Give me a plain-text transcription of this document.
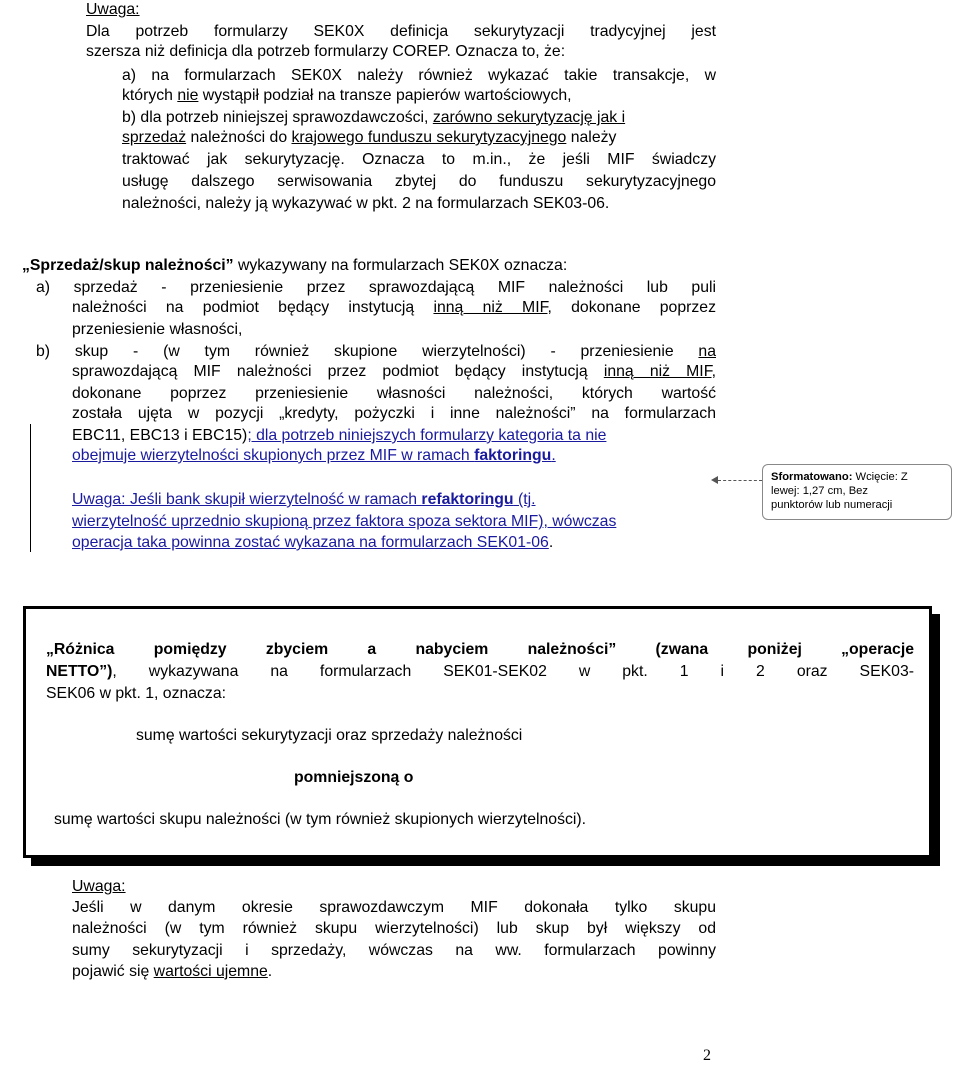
Uwaga:
Dla potrzeb formularzy SEK0X definicja sekurytyzacji tradycyjnej jest
szersza niż definicja dla potrzeb formularzy COREP. Oznacza to, że:
a) na formularzach SEK0X należy również wykazać takie transakcje, w
których nie wystąpił podział na transze papierów wartościowych,
b) dla potrzeb niniejszej sprawozdawczości, zarówno sekurytyzację jak i
sprzedaż należności do krajowego funduszu sekurytyzacyjnego należy
traktować jak sekurytyzację. Oznacza to m.in., że jeśli MIF świadczy
usługę dalszego serwisowania zbytej do funduszu sekurytyzacyjnego
należności, należy ją wykazywać w pkt. 2 na formularzach SEK03-06.
„Sprzedaż/skup należności” wykazywany na formularzach SEK0X oznacza:
a) sprzedaż - przeniesienie przez sprawozdającą MIF należności lub puli
należności na podmiot będący instytucją inną niż MIF, dokonane poprzez
przeniesienie własności,
b) skup - (w tym również skupione wierzytelności) - przeniesienie na
sprawozdającą MIF należności przez podmiot będący instytucją inną niż MIF,
dokonane poprzez przeniesienie własności należności, których wartość
została ujęta w pozycji „kredyty, pożyczki i inne należności” na formularzach
EBC11, EBC13 i EBC15); dla potrzeb niniejszych formularzy kategoria ta nie
obejmuje wierzytelności skupionych przez MIF w ramach faktoringu.
Uwaga: Jeśli bank skupił wierzytelność w ramach refaktoringu (tj.
wierzytelność uprzednio skupioną przez faktora spoza sektora MIF), wówczas
operacja taka powinna zostać wykazana na formularzach SEK01-06.
Sformatowano: Wcięcie: Z
lewej: 1,27 cm, Bez
punktorów lub numeracji
„Różnica pomiędzy zbyciem a nabyciem należności” (zwana poniżej „operacje
NETTO”), wykazywana na formularzach SEK01-SEK02 w pkt. 1 i 2 oraz SEK03-
SEK06 w pkt. 1, oznacza:
sumę wartości sekurytyzacji oraz sprzedaży należności
pomniejszoną o
sumę wartości skupu należności (w tym również skupionych wierzytelności).
Uwaga:
Jeśli w danym okresie sprawozdawczym MIF dokonała tylko skupu
należności (w tym również skupu wierzytelności) lub skup był większy od
sumy sekurytyzacji i sprzedaży, wówczas na ww. formularzach powinny
pojawić się wartości ujemne.
2
